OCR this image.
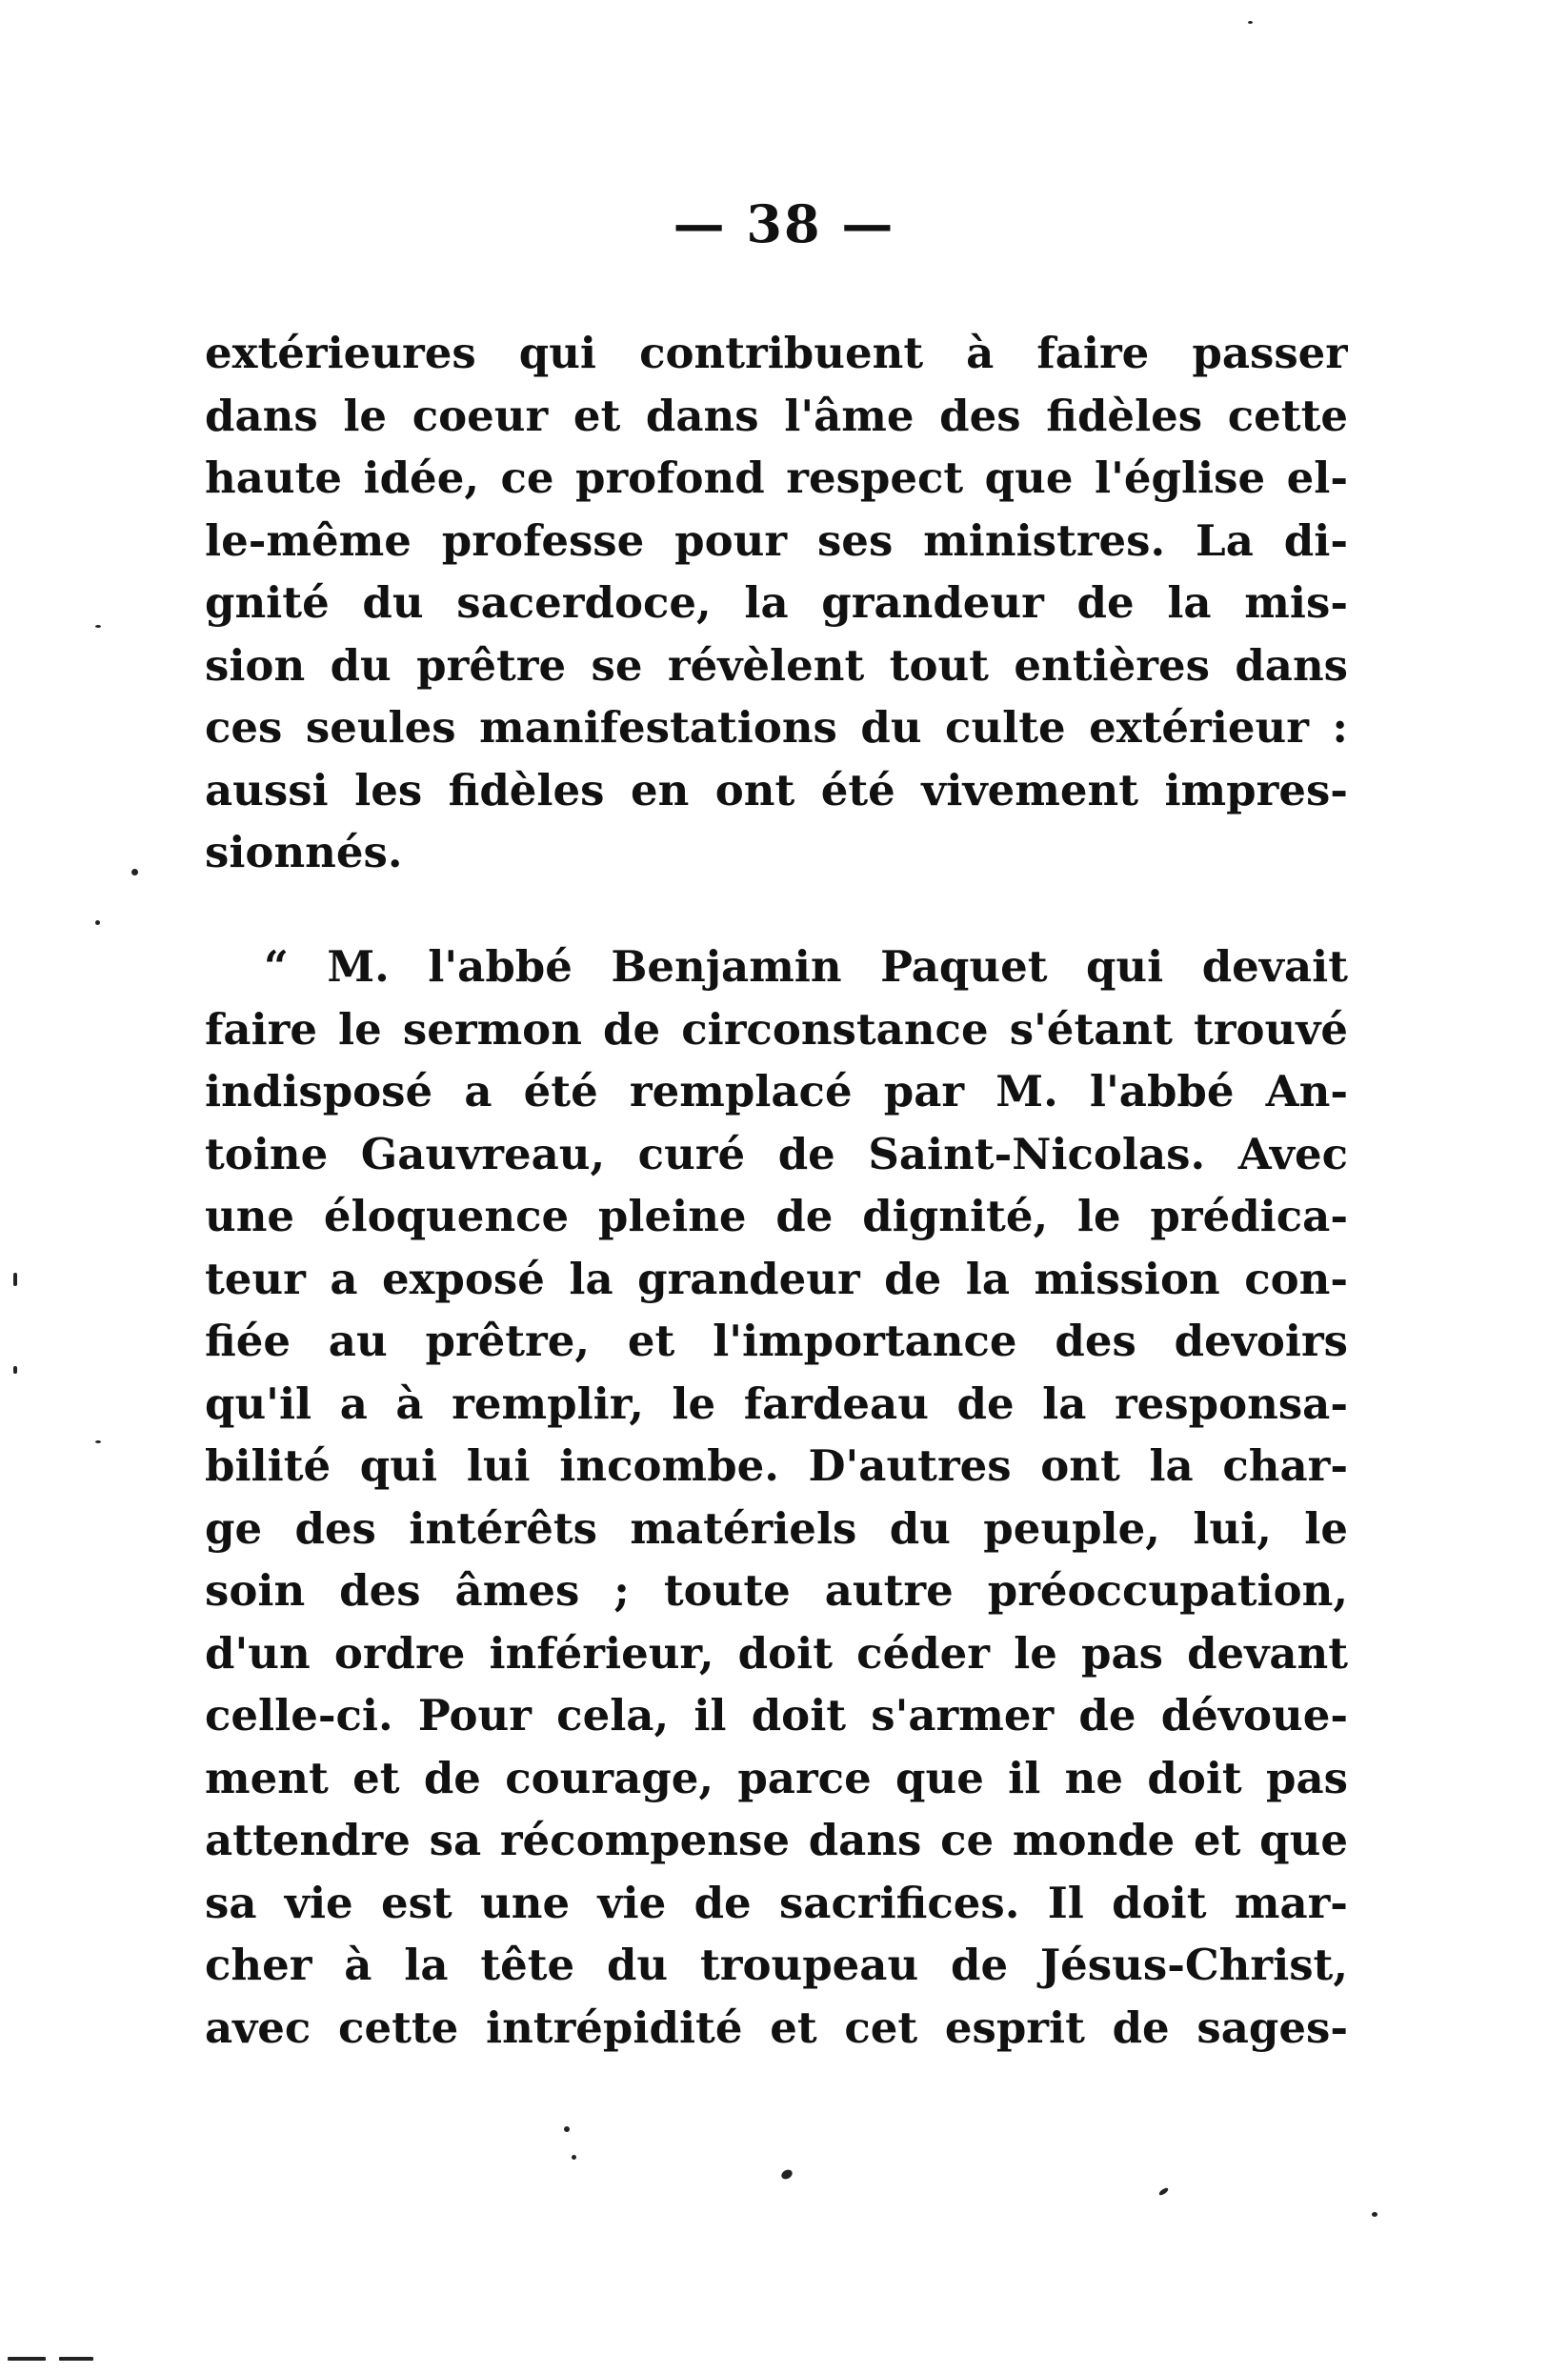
— 38 —
extérieures qui contribuent à faire passer
dans le coeur et dans l'âme des fidèles cette
haute idée, ce profond respect que l'église el-
le-même professe pour ses ministres. La di-
gnité du sacerdoce, la grandeur de la mis-
sion du prêtre se révèlent tout entières dans
ces seules manifestations du culte extérieur :
aussi les fidèles en ont été vivement impres-
sionnés.
“ M. l'abbé Benjamin Paquet qui devait
faire le sermon de circonstance s'étant trouvé
indisposé a été remplacé par M. l'abbé An-
toine Gauvreau, curé de Saint-Nicolas. Avec
une éloquence pleine de dignité, le prédica-
teur a exposé la grandeur de la mission con-
fiée au prêtre, et l'importance des devoirs
qu'il a à remplir, le fardeau de la responsa-
bilité qui lui incombe. D'autres ont la char-
ge des intérêts matériels du peuple, lui, le
soin des âmes ; toute autre préoccupation,
d'un ordre inférieur, doit céder le pas devant
celle-ci. Pour cela, il doit s'armer de dévoue-
ment et de courage, parce que il ne doit pas
attendre sa récompense dans ce monde et que
sa vie est une vie de sacrifices. Il doit mar-
cher à la tête du troupeau de Jésus-Christ,
avec cette intrépidité et cet esprit de sages-
